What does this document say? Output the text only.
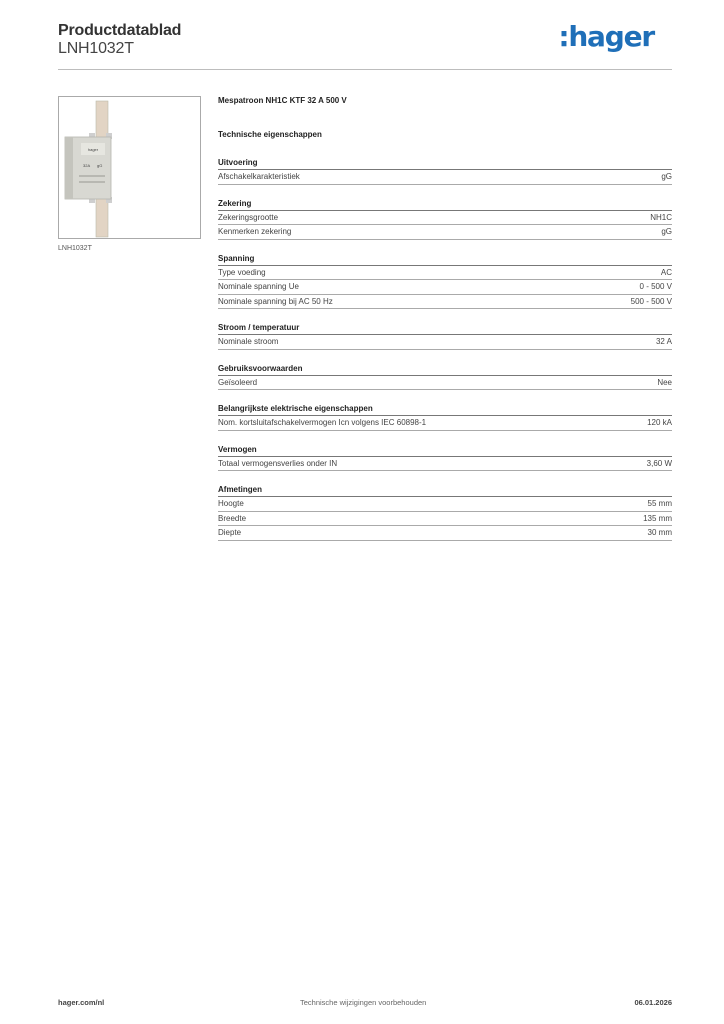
Productdatablad
LNH1032T	:hager
hager
32A gG
LNH1032T
Mespatroon NH1C KTF 32 A 500 V
Technische eigenschappen
Uitvoering
Afschakelkarakteristiek	gG
Zekering
Zekeringsgrootte	NH1C
Kenmerken zekering	gG
Spanning
Type voeding	AC
Nominale spanning Ue	0 - 500 V
Nominale spanning bij AC 50 Hz	500 - 500 V
Stroom / temperatuur
Nominale stroom	32 A
Gebruiksvoorwaarden
Geïsoleerd	Nee
Belangrijkste elektrische eigenschappen
Nom. kortsluitafschakelvermogen Icn volgens IEC 60898-1	120 kA
Vermogen
Totaal vermogensverlies onder IN	3,60 W
Afmetingen
Hoogte	55 mm
Breedte	135 mm
Diepte	30 mm
hager.com/nl	Technische wijzigingen voorbehouden	06.01.2026
